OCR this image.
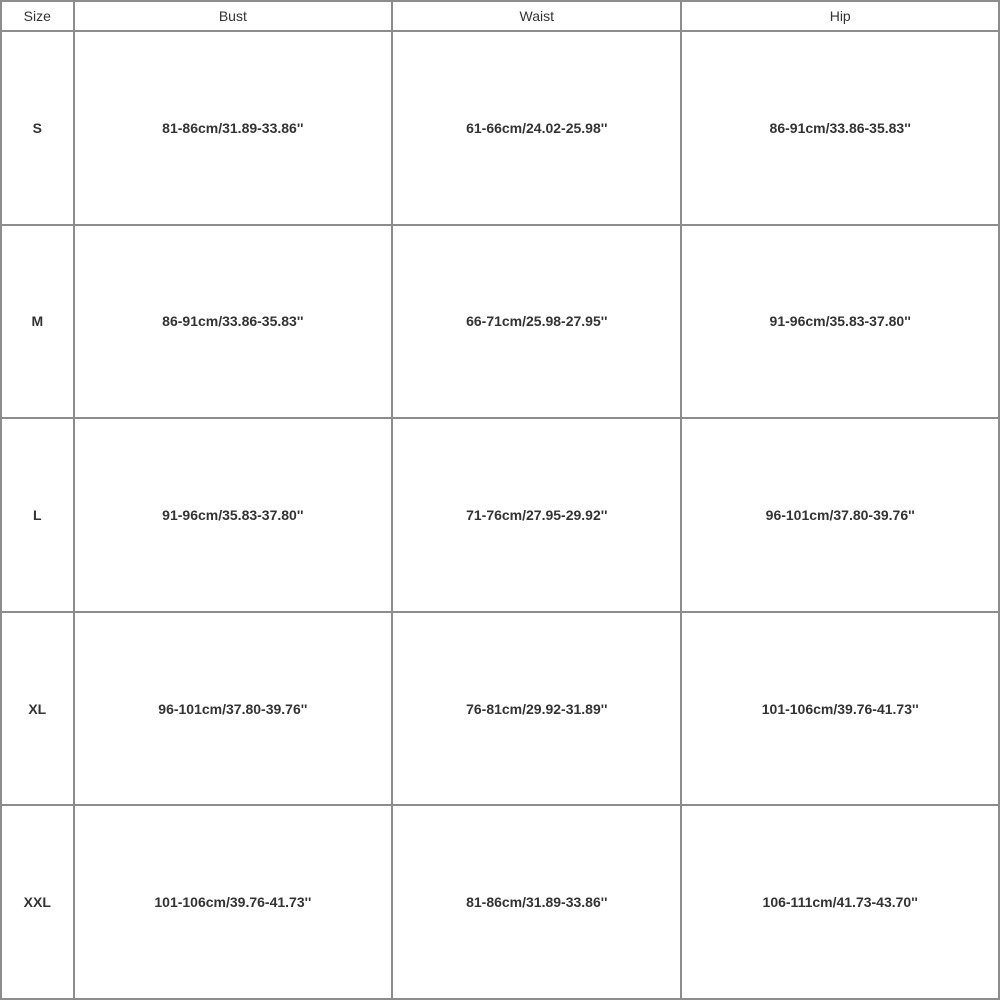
Size	Bust	Waist	Hip
S	81-86cm/31.89-33.86''	61-66cm/24.02-25.98''	86-91cm/33.86-35.83''
M	86-91cm/33.86-35.83''	66-71cm/25.98-27.95''	91-96cm/35.83-37.80''
L	91-96cm/35.83-37.80''	71-76cm/27.95-29.92''	96-101cm/37.80-39.76''
XL	96-101cm/37.80-39.76''	76-81cm/29.92-31.89''	101-106cm/39.76-41.73''
XXL	101-106cm/39.76-41.73''	81-86cm/31.89-33.86''	106-111cm/41.73-43.70''
